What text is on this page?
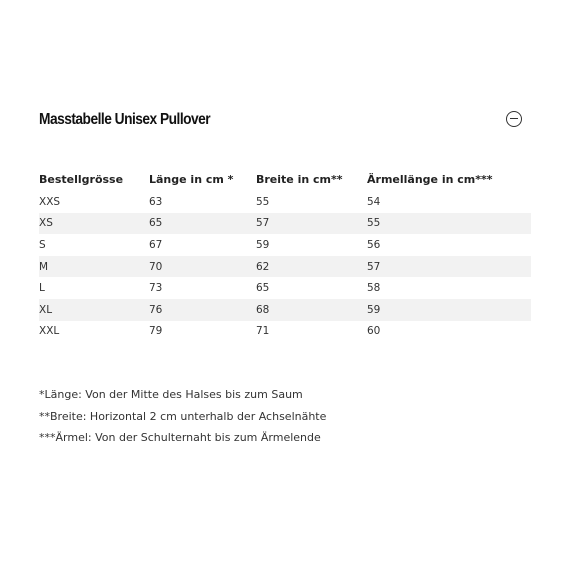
Masstabelle Unisex Pullover
Bestellgrösse	Länge in cm *	Breite in cm**	Ärmellänge in cm***
XXS	63	55	54
XS	65	57	55
S	67	59	56
M	70	62	57
L	73	65	58
XL	76	68	59
XXL	79	71	60
*Länge: Von der Mitte des Halses bis zum Saum
**Breite: Horizontal 2 cm unterhalb der Achselnähte
***Ärmel: Von der Schulternaht bis zum Ärmelende
